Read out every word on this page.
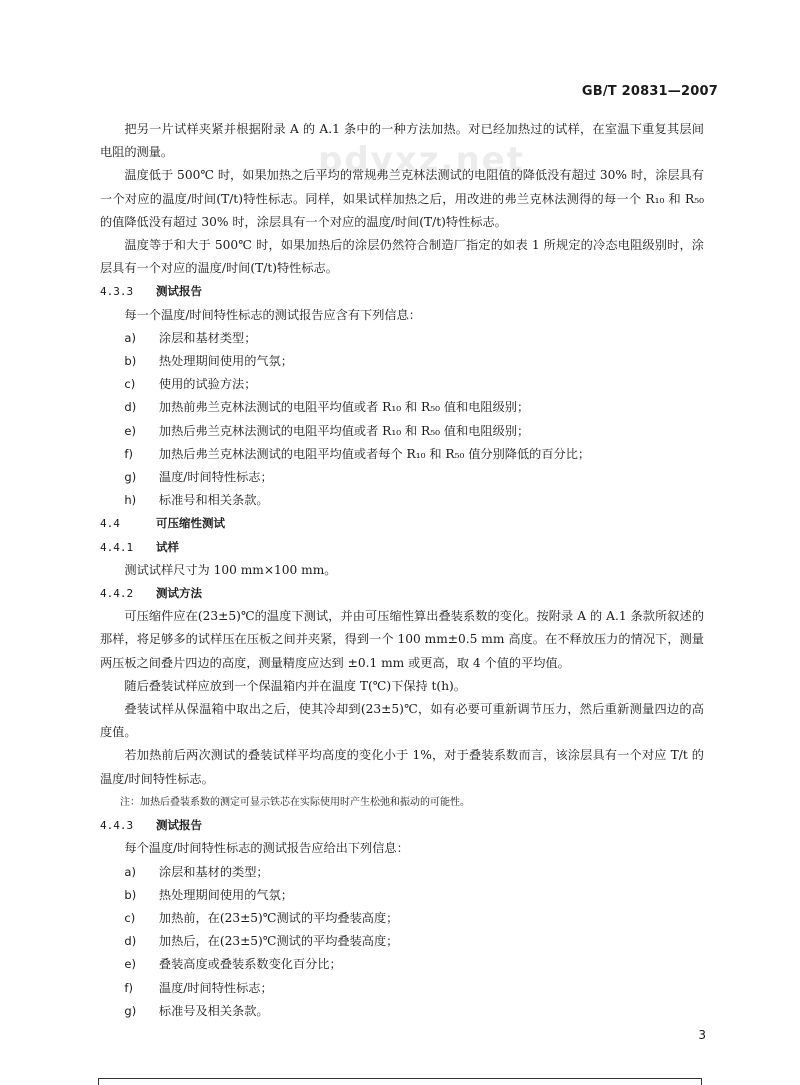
pdyxz.net
GB/T 20831—2007

把另一片试样夹紧并根据附录 A 的 A.1 条中的一种方法加热。对已经加热过的试样，在室温下重复其层间电阻的测量。

温度低于 500℃ 时，如果加热之后平均的常规弗兰克林法测试的电阻值的降低没有超过 30% 时，涂层具有一个对应的温度/时间(T/t)特性标志。同样，如果试样加热之后，用改进的弗兰克林法测得的每一个 R₁₀ 和 R₅₀ 的值降低没有超过 30% 时，涂层具有一个对应的温度/时间(T/t)特性标志。

温度等于和大于 500℃ 时，如果加热后的涂层仍然符合制造厂指定的如表 1 所规定的冷态电阻级别时，涂层具有一个对应的温度/时间(T/t)特性标志。

4.3.3 测试报告

每一个温度/时间特性标志的测试报告应含有下列信息：

a)	涂层和基材类型；

b)	热处理期间使用的气氛；

c)	使用的试验方法；

d)	加热前弗兰克林法测试的电阻平均值或者 R₁₀ 和 R₅₀ 值和电阻级别；

e)	加热后弗兰克林法测试的电阻平均值或者 R₁₀ 和 R₅₀ 值和电阻级别；

f)	加热后弗兰克林法测试的电阻平均值或者每个 R₁₀ 和 R₅₀ 值分别降低的百分比；

g)	温度/时间特性标志；

h)	标准号和相关条款。

4.4	可压缩性测试

4.4.1 试样

测试试样尺寸为 100 mm×100 mm。

4.4.2 测试方法

可压缩件应在(23±5)℃的温度下测试，并由可压缩性算出叠装系数的变化。按附录 A 的 A.1 条款所叙述的那样，将足够多的试样压在压板之间并夹紧，得到一个 100 mm±0.5 mm 高度。在不释放压力的情况下，测量两压板之间叠片四边的高度，测量精度应达到 ±0.1 mm 或更高，取 4 个值的平均值。

随后叠装试样应放到一个保温箱内并在温度 T(℃)下保持 t(h)。

叠装试样从保温箱中取出之后，使其冷却到(23±5)℃，如有必要可重新调节压力，然后重新测量四边的高度值。

若加热前后两次测试的叠装试样平均高度的变化小于 1%，对于叠装系数而言，该涂层具有一个对应 T/t 的温度/时间特性标志。

注：加热后叠装系数的测定可显示铁芯在实际使用时产生松弛和振动的可能性。

4.4.3 测试报告

每个温度/时间特性标志的测试报告应给出下列信息：

a)	涂层和基材的类型；

b)	热处理期间使用的气氛；

c)	加热前，在(23±5)℃测试的平均叠装高度；

d)	加热后，在(23±5)℃测试的平均叠装高度；

e)	叠装高度或叠装系数变化百分比；

f)	温度/时间特性标志；

g)	标准号及相关条款。

3
